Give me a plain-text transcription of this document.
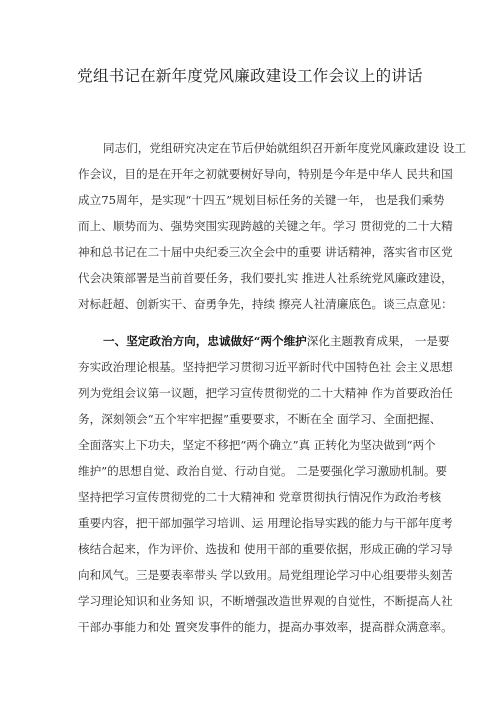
党组书记在新年度党风廉政建设工作会议上的讲话
同志们，党组研究决定在节后伊始就组织召开新年度党风廉政建设 设工
作会议，目的是在开年之初就要树好导向，特别是今年是中华人 民共和国
成立75周年，是实现“十四五”规划目标任务的关键一年， 也是我们乘势
而上、顺势而为、强势突围实现跨越的关键之年。学习 贯彻党的二十大精
神和总书记在二十届中央纪委三次全会中的重要 讲话精神，落实省市区党
代会决策部署是当前首要任务，我们要扎实 推进人社系统党风廉政建设，
对标赶超、创新实干、奋勇争先，持续 擦亮人社清廉底色。谈三点意见：
一、坚定政治方向，忠诚做好“两个维护深化主题教育成果， 一是要
夯实政治理论根基。坚持把学习贯彻习近平新时代中国特色社 会主义思想
列为党组会议第一议题，把学习宣传贯彻党的二十大精神 作为首要政治任
务，深刻领会“五个牢牢把握”重要要求，不断在全 面学习、全面把握、
全面落实上下功夫，坚定不移把“两个确立”真 正转化为坚决做到“两个
维护”的思想自觉、政治自觉、行动自觉。 二是要强化学习激励机制。要
坚持把学习宣传贯彻党的二十大精神和 党章贯彻执行情况作为政治考核
重要内容，把干部加强学习培训、运 用理论指导实践的能力与干部年度考
核结合起来，作为评价、选拔和 使用干部的重要依据，形成正确的学习导
向和风气。三是要表率带头 学以致用。局党组理论学习中心组要带头刻苦
学习理论知识和业务知 识，不断增强改造世界观的自觉性，不断提高人社
干部办事能力和处 置突发事件的能力，提高办事效率，提高群众满意率。
